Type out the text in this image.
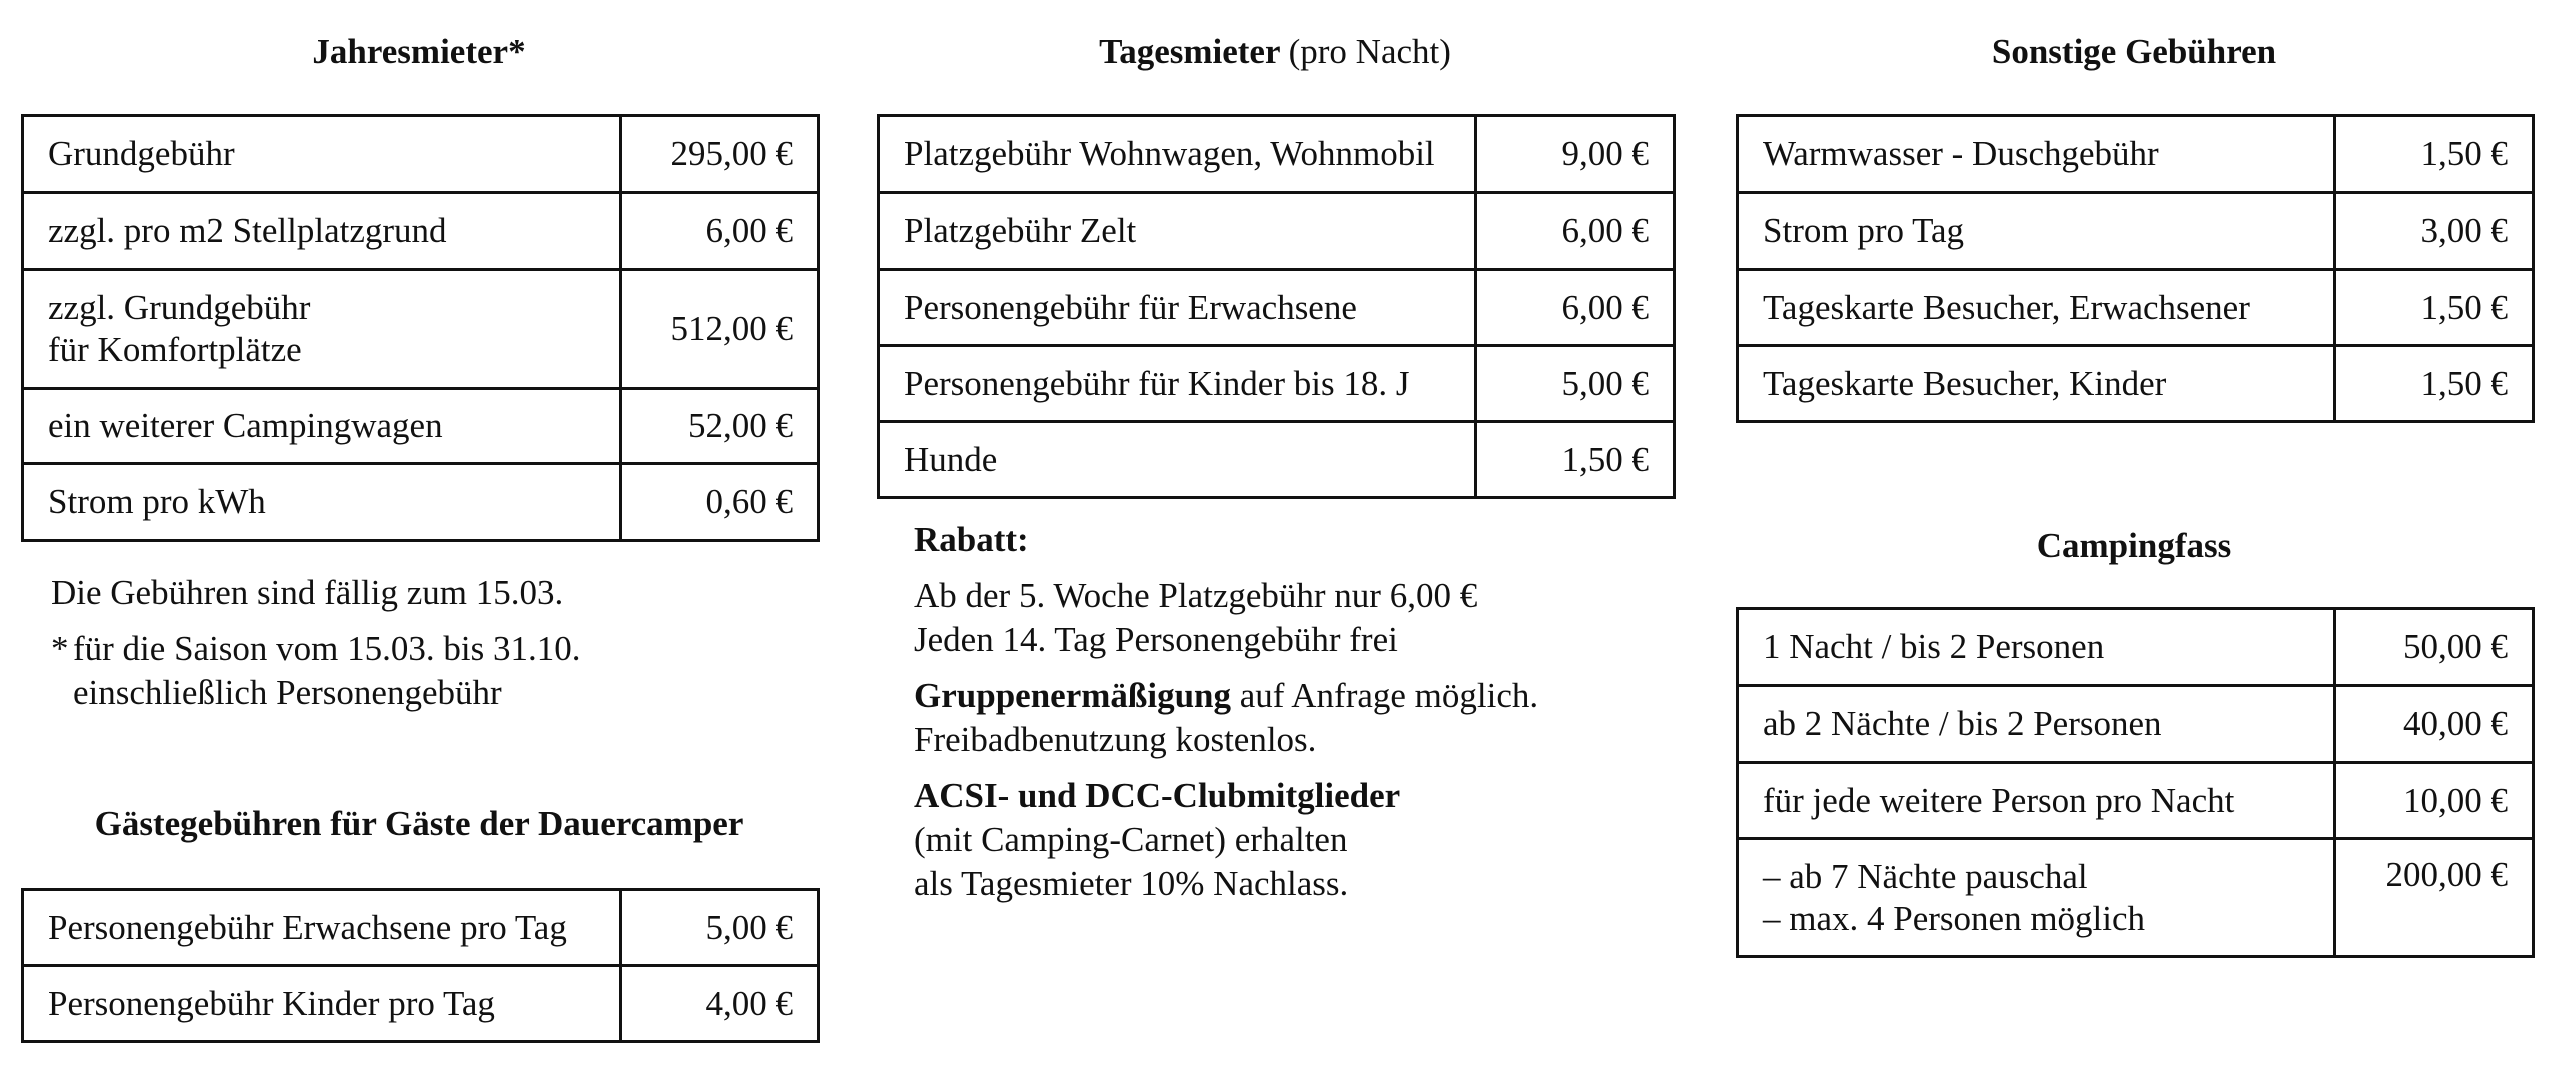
Jahresmieter*
Grundgebühr	295,00 €

zzgl. pro m2 Stellplatzgrund	6,00 €

zzgl. Grundgebühr
für Komfortplätze	512,00 €

ein weiterer Campingwagen	52,00 €

Strom pro kWh	0,60 €

Die Gebühren sind fällig zum 15.03.

* für die Saison vom 15.03. bis 31.10.
einschließlich Personengebühr
Gästegebühren für Gäste der Dauercamper
Personengebühr Erwachsene pro Tag	5,00 €
Personengebühr Kinder pro Tag	4,00 €
Tagesmieter (pro Nacht)
Platzgebühr Wohnwagen, Wohnmobil	9,00 €
Platzgebühr Zelt	6,00 €
Personengebühr für Erwachsene	6,00 €
Personengebühr für Kinder bis 18. J	5,00 €
Hunde	1,50 €

Rabatt:

Ab der 5. Woche Platzgebühr nur 6,00 €

Jeden 14. Tag Personengebühr frei

Gruppenermäßigung auf Anfrage möglich.

Freibadbenutzung kostenlos.

ACSI- und DCC-Clubmitglieder

(mit Camping-Carnet) erhalten

als Tagesmieter 10% Nachlass.

Sonstige Gebühren
Warmwasser - Duschgebühr	1,50 €
Strom pro Tag	3,00 €
Tageskarte Besucher, Erwachsener	1,50 €
Tageskarte Besucher, Kinder	1,50 €
Campingfass
1 Nacht / bis 2 Personen	50,00 €

ab 2 Nächte / bis 2 Personen	40,00 €

für jede weitere Person pro Nacht	10,00 €

– ab 7 Nächte pauschal
– max. 4 Personen möglich	200,00 €
